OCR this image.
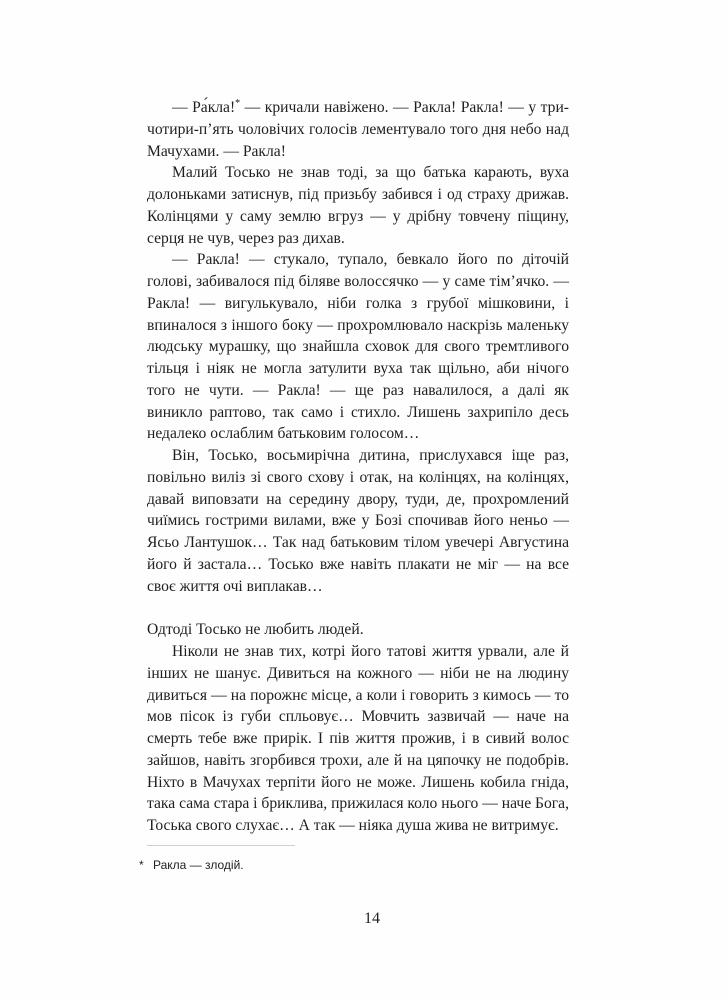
— Ра́кла!* — кричали навіжено. — Ракла! Ракла! — у три-чотири-п’ять чоловічих голосів лементувало того дня небо над Мачухами. — Ракла!

Малий Тосько не знав тоді, за що батька карають, вуха долоньками затиснув, під призьбу забився і од страху дрижав. Колінцями у саму землю вгруз — у дрібну товчену піщину, серця не чув, через раз дихав.

— Ракла! — стукало, тупало, бевкало його по діточій голові, забивалося під біляве волоссячко — у саме тім’ячко. — Ракла! — вигулькувало, ніби голка з грубої мішковини, і впиналося з іншого боку — прохромлювало наскрізь маленьку людську мурашку, що знайшла сховок для свого тремтливого тільця і ніяк не могла затулити вуха так щільно, аби нічого того не чути. — Ракла! — ще раз навалилося, а далі як виникло раптово, так само і стихло. Лишень захрипіло десь недалеко ослаблим батьковим голосом…

Він, Тосько, восьмирічна дитина, прислухався іще раз, повільно виліз зі свого схову і отак, на колінцях, на колінцях, давай виповзати на середину двору, туди, де, прохромлений чиїмись гострими вилами, вже у Бозі спочивав його неньо — Ясьо Лантушок… Так над батьковим тілом увечері Августина його й застала… Тосько вже навіть плакати не міг — на все своє життя очі виплакав…

Одтоді Тосько не любить людей.

Ніколи не знав тих, котрі його татові життя урвали, але й інших не шанує. Дивиться на кожного — ніби не на людину дивиться — на порожнє місце, а коли і говорить з кимось — то мов пісок із губи спльовує… Мовчить зазвичай — наче на смерть тебе вже прирік. І пів життя прожив, і в сивий волос зайшов, навіть згорбився трохи, але й на цяпочку не подобрів. Ніхто в Мачухах терпіти його не може. Лишень кобила гніда, така сама стара і бриклива, прижилася коло нього — наче Бога, Тоська свого слухає… А так — ніяка душа жива не витримує.

* Ракла — злодій.
14
